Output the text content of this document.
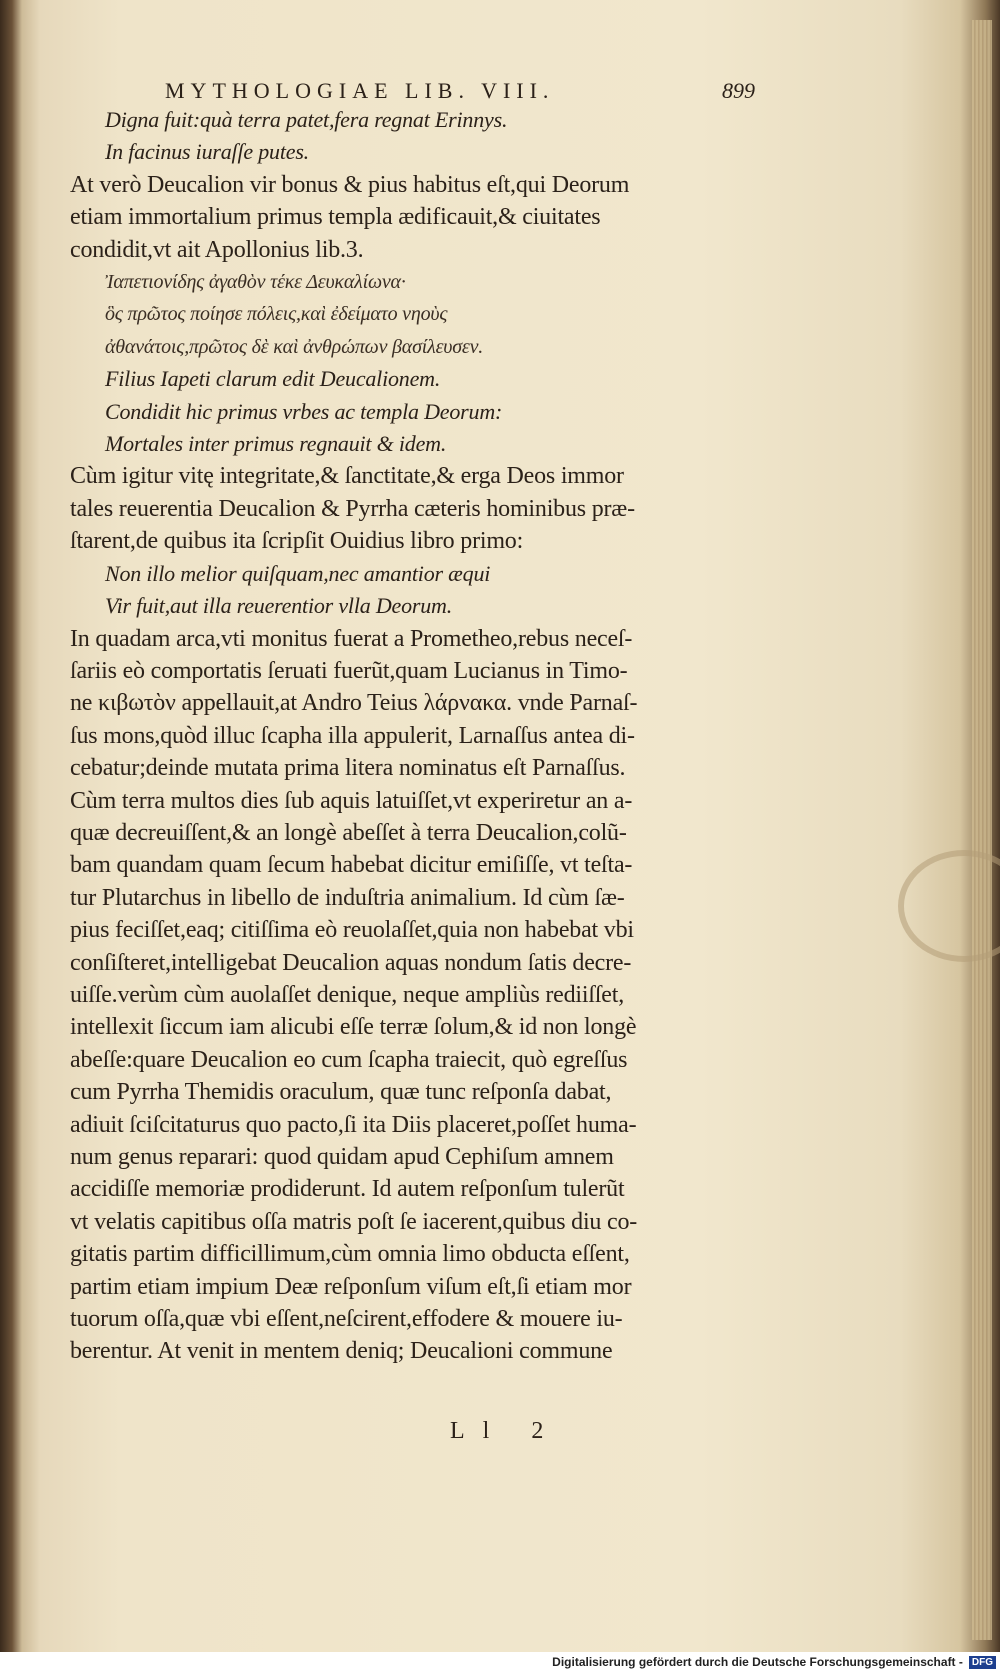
MYTHOLOGIAE LIB. VIII.	899
Digna fuit:quà terra patet,fera regnat Erinnys.
In facinus iuraſſe putes.
At verò Deucalion vir bonus & pius habitus eſt,qui Deorum
etiam immortalium primus templa ædificauit,& ciuitates
condidit,vt ait Apollonius lib.3.
Ἰαπετιονίδης ἀγαθὸν τέκε Δευκαλίωνα·
ὃς πρῶτος ποίησε πόλεις,καὶ ἐδείματο νηοὺς
ἀθανάτοις,πρῶτος δὲ καὶ ἀνθρώπων βασίλευσεν.
Filius Iapeti clarum edit Deucalionem.
Condidit hic primus vrbes ac templa Deorum:
Mortales inter primus regnauit & idem.
Cùm igitur vitę integritate,& ſanctitate,& erga Deos immor
tales reuerentia Deucalion & Pyrrha cæteris hominibus præ-
ſtarent,de quibus ita ſcripſit Ouidius libro primo:
Non illo melior quiſquam,nec amantior æqui
Vir fuit,aut illa reuerentior vlla Deorum.
In quadam arca,vti monitus fuerat a Prometheo,rebus neceſ-
ſariis eò comportatis ſeruati fuerũt,quam Lucianus in Timo-
ne κιβωτὸν appellauit,at Andro Teius λάρνακα. vnde Parnaſ-
ſus mons,quòd illuc ſcapha illa appulerit, Larnaſſus antea di-
cebatur;deinde mutata prima litera nominatus eſt Parnaſſus.
Cùm terra multos dies ſub aquis latuiſſet,vt experiretur an a-
quæ decreuiſſent,& an longè abeſſet à terra Deucalion,colũ-
bam quandam quam ſecum habebat dicitur emiſiſſe, vt teſta-
tur Plutarchus in libello de induſtria animalium. Id cùm ſæ-
pius feciſſet,eaq; citiſſima eò reuolaſſet,quia non habebat vbi
conſiſteret,intelligebat Deucalion aquas nondum ſatis decre-
uiſſe.verùm cùm auolaſſet denique, neque ampliùs rediiſſet,
intellexit ſiccum iam alicubi eſſe terræ ſolum,& id non longè
abeſſe:quare Deucalion eo cum ſcapha traiecit, quò egreſſus
cum Pyrrha Themidis oraculum, quæ tunc reſponſa dabat,
adiuit ſciſcitaturus quo pacto,ſi ita Diis placeret,poſſet huma-
num genus reparari: quod quidam apud Cephiſum amnem
accidiſſe memoriæ prodiderunt. Id autem reſponſum tulerũt
vt velatis capitibus oſſa matris poſt ſe iacerent,quibus diu co-
gitatis partim difficillimum,cùm omnia limo obducta eſſent,
partim etiam impium Deæ reſponſum viſum eſt,ſi etiam mor
tuorum oſſa,quæ vbi eſſent,neſcirent,effodere & mouere iu-
berentur. At venit in mentem deniq; Deucalioni commune
Ll 2
Digitalisierung gefördert durch die Deutsche Forschungsgemeinschaft - DFG
